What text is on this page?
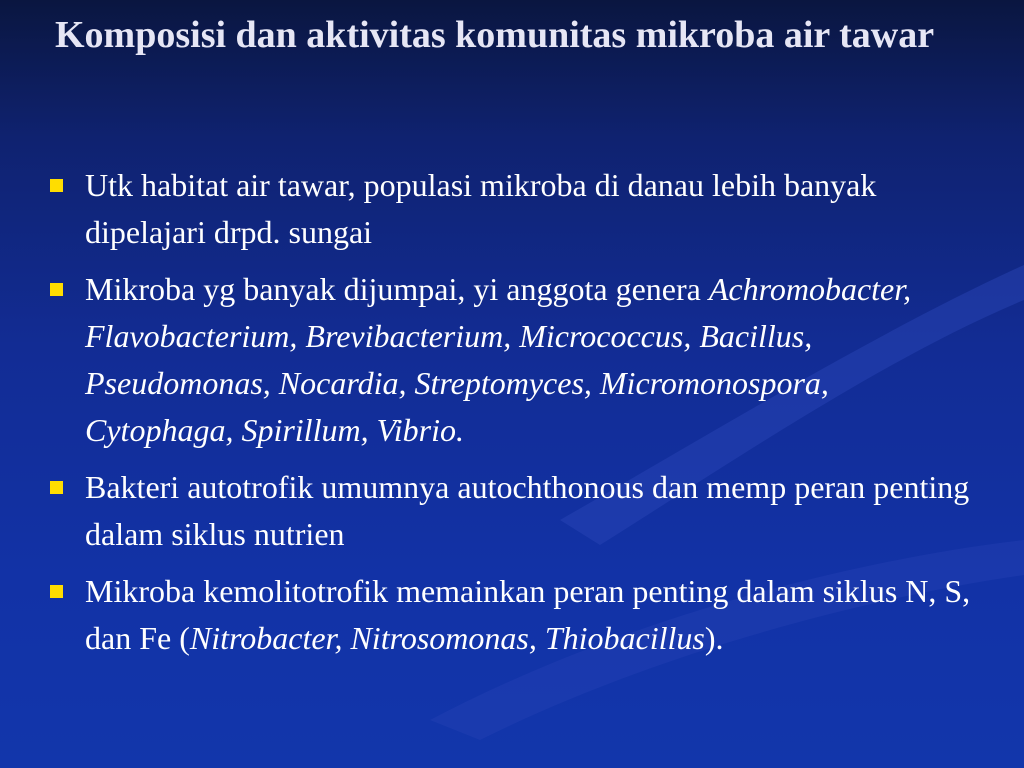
Komposisi dan aktivitas komunitas mikroba air tawar
Utk habitat air tawar, populasi mikroba di danau lebih banyak dipelajari drpd. sungai
Mikroba yg banyak dijumpai, yi anggota genera Achromobacter, Flavobacterium, Brevibacterium, Micrococcus, Bacillus, Pseudomonas, Nocardia, Streptomyces, Micromonospora, Cytophaga, Spirillum, Vibrio.
Bakteri autotrofik umumnya autochthonous dan memp peran penting dalam siklus nutrien
Mikroba kemolitotrofik memainkan peran penting dalam siklus N, S, dan Fe (Nitrobacter, Nitrosomonas, Thiobacillus).
